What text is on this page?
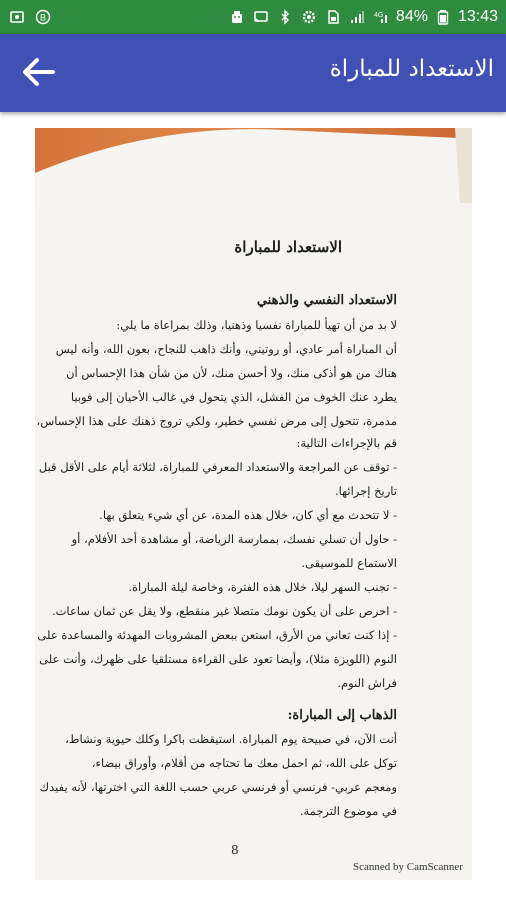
B	4G 84% 13:43
الاستعداد للمباراة
الاستعداد للمباراة
الاستعداد النفسي والذهني
لا بد من أن تهيأ للمباراة نفسيا وذهنيا، وذلك بمراعاة ما يلي:
أن المباراة أمر عادي، أو روتيني، وأنك ذاهب للنجاح، بعون الله، وأنه ليس
هناك من هو أذكى منك، ولا أحسن منك، لأن من شأن هذا الإحساس أن
يطرد عنك الخوف من الفشل، الذي يتحول في غالب الأحيان إلى فوبيا
مدمرة، تتحول إلى مرض نفسي خطير، ولكي تروج ذهنك على هذا الإحساس،
قم بالإجراءات التالية:
- توقف عن المراجعة والاستعداد المعرفي للمباراة، لثلاثة أيام على الأقل قبل
تاريخ إجرائها.
- لا تتحدث مع أي كان، خلال هذه المدة، عن أي شيء يتعلق بها.
- حاول أن تسلي نفسك، بممارسة الرياضة، أو مشاهدة أحد الأفلام، أو
الاستماع للموسيقى.
- تجنب السهر ليلا، خلال هذه الفترة، وخاصة ليلة المباراة.
- احرص على أن يكون نومك متصلا غير منقطع، ولا يقل عن ثمان ساعات.
- إذا كنت تعاني من الأرق، استعن ببعض المشروبات المهدئة والمساعدة على
النوم (اللويزة مثلا)، وأيضا تعود على القراءة مستلقيا على ظهرك، وأنت على
فراش النوم.
الذهاب إلى المباراة:
أنت الآن، في صبيحة يوم المباراة. استيقظت باكرا وكلك حيوية ونشاط،
توكل على الله، ثم احمل معك ما تحتاجه من أقلام، وأوراق بيضاء،
ومعجم عربي- فرنسي أو فرنسي عربي حسب اللغة التي اخترتها، لأنه يفيدك
في موضوع الترجمة.
8
Scanned by CamScanner
